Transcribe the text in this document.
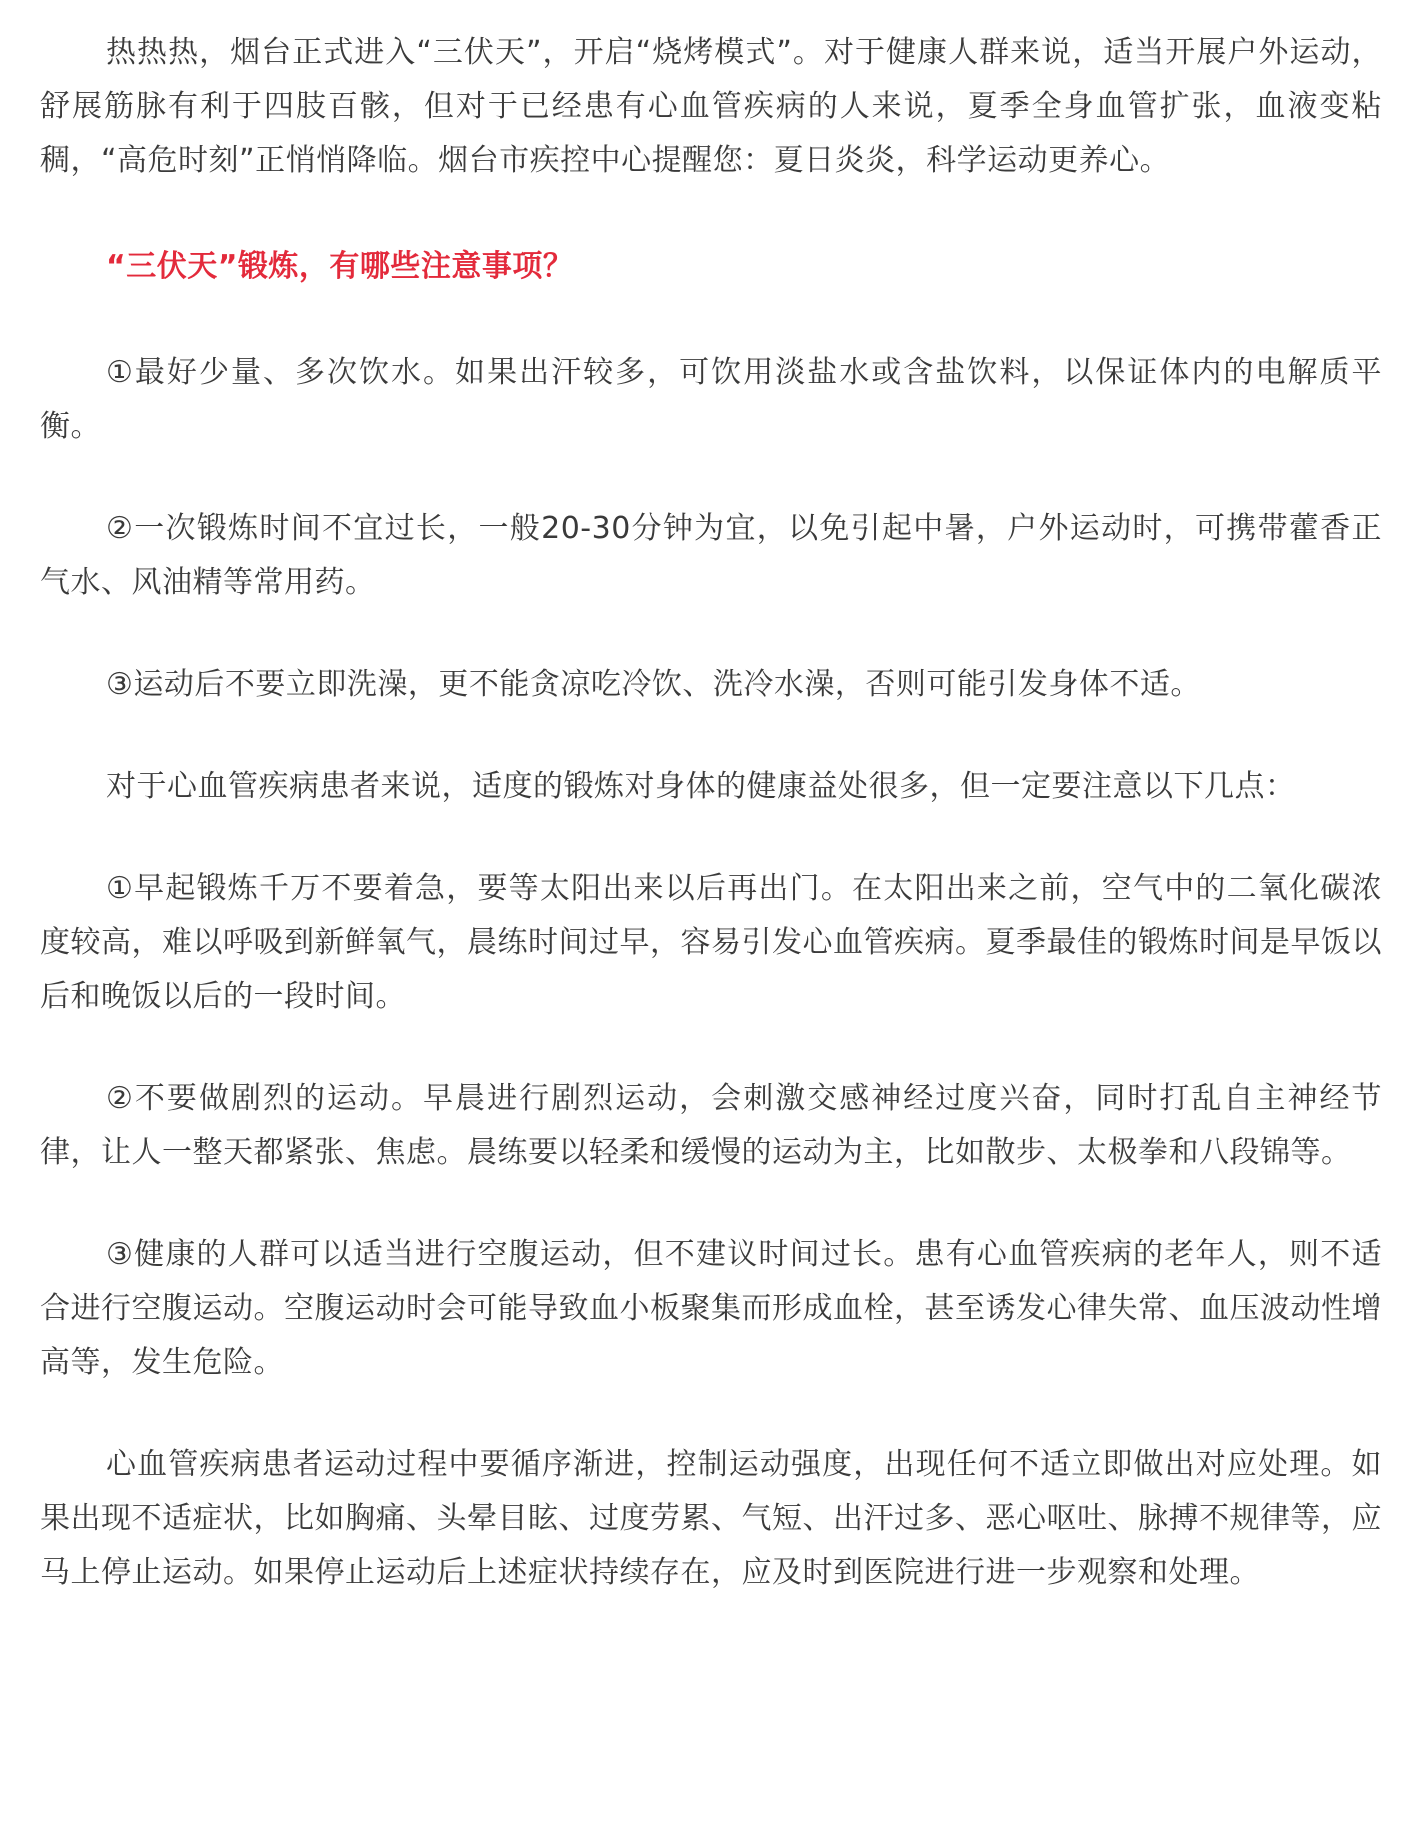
热热热，烟台正式进入“三伏天”，开启“烧烤模式”。对于健康人群来说，适当开展户外运动，舒展筋脉有利于四肢百骸，但对于已经患有心血管疾病的人来说，夏季全身血管扩张，血液变粘稠，“高危时刻”正悄悄降临。烟台市疾控中心提醒您：夏日炎炎，科学运动更养心。

“三伏天”锻炼，有哪些注意事项？

①最好少量、多次饮水。如果出汗较多，可饮用淡盐水或含盐饮料，以保证体内的电解质平衡。

②一次锻炼时间不宜过长，一般20-30分钟为宜，以免引起中暑，户外运动时，可携带藿香正气水、风油精等常用药。

③运动后不要立即洗澡，更不能贪凉吃冷饮、洗冷水澡，否则可能引发身体不适。

对于心血管疾病患者来说，适度的锻炼对身体的健康益处很多，但一定要注意以下几点：

①早起锻炼千万不要着急，要等太阳出来以后再出门。在太阳出来之前，空气中的二氧化碳浓度较高，难以呼吸到新鲜氧气，晨练时间过早，容易引发心血管疾病。夏季最佳的锻炼时间是早饭以后和晚饭以后的一段时间。

②不要做剧烈的运动。早晨进行剧烈运动，会刺激交感神经过度兴奋，同时打乱自主神经节律，让人一整天都紧张、焦虑。晨练要以轻柔和缓慢的运动为主，比如散步、太极拳和八段锦等。

③健康的人群可以适当进行空腹运动，但不建议时间过长。患有心血管疾病的老年人，则不适合进行空腹运动。空腹运动时会可能导致血小板聚集而形成血栓，甚至诱发心律失常、血压波动性增高等，发生危险。

心血管疾病患者运动过程中要循序渐进，控制运动强度，出现任何不适立即做出对应处理。如果出现不适症状，比如胸痛、头晕目眩、过度劳累、气短、出汗过多、恶心呕吐、脉搏不规律等，应马上停止运动。如果停止运动后上述症状持续存在，应及时到医院进行进一步观察和处理。
